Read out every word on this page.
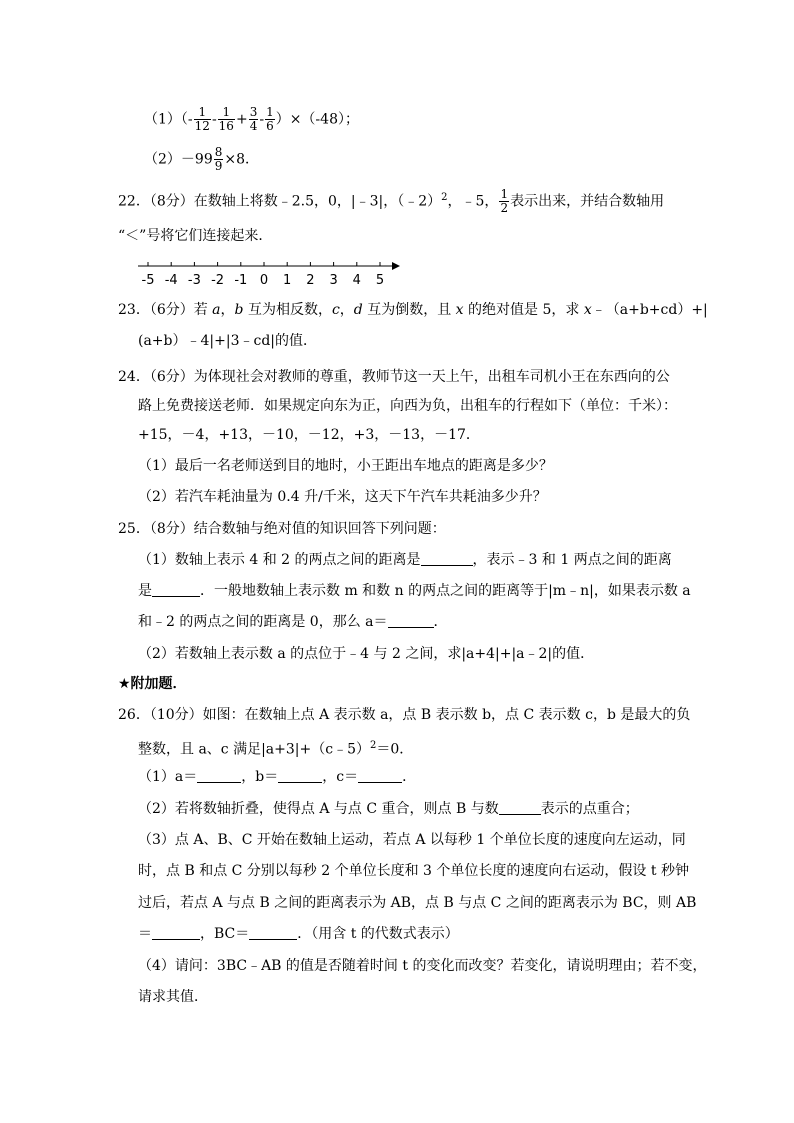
$(1)(- \frac{1}{12} - \frac{1}{16} + \frac{3}{4} - \frac{1}{6} )\times(-48)$；
$(2)-99 \frac{8}{9} \times 8$．
22．（8分）在数轴上将数﹣2.5，0，|﹣3|，（﹣2）$^2$，﹣5， $\frac{1}{2}$ 表示出来，并结合数轴用
“＜”号将它们连接起来．
-5 -4 -3 -2 -1 0 1 2 3 4 5
23．（6分）若 a，b 互为相反数，c，d 互为倒数，且 x 的绝对值是 5，求 x﹣（a+b+cd）+|
(a+b）﹣4|+|3﹣cd|的值．
24．（6分）为体现社会对教师的尊重，教师节这一天上午，出租车司机小王在东西向的公
路上免费接送老师．如果规定向东为正，向西为负，出租车的行程如下（单位：千米）：
+15，－4，+13，－10，－12，+3，－13，－17．
（1）最后一名老师送到目的地时，小王距出车地点的距离是多少？
（2）若汽车耗油量为 0.4 升/千米，这天下午汽车共耗油多少升？
25．（8分）结合数轴与绝对值的知识回答下列问题：
（1）数轴上表示 4 和 2 的两点之间的距离是	，表示﹣3 和 1 两点之间的距离
是	．一般地数轴上表示数 m 和数 n 的两点之间的距离等于|m﹣n|，如果表示数 a
和﹣2 的两点之间的距离是 0，那么 a＝	．
（2）若数轴上表示数 a 的点位于﹣4 与 2 之间，求|a+4|+|a﹣2|的值．
★附加题．
26．（10分）如图：在数轴上点 A 表示数 a，点 B 表示数 b，点 C 表示数 c，b 是最大的负
整数，且 a、c 满足|a+3|+（c﹣5）$^2$＝0．
（1）a＝	，b＝	，c＝	．
（2）若将数轴折叠，使得点 A 与点 C 重合，则点 B 与数	表示的点重合；
（3）点 A、B、C 开始在数轴上运动，若点 A 以每秒 1 个单位长度的速度向左运动，同
时，点 B 和点 C 分别以每秒 2 个单位长度和 3 个单位长度的速度向右运动，假设 t 秒钟
过后，若点 A 与点 B 之间的距离表示为 AB，点 B 与点 C 之间的距离表示为 BC，则 AB
＝	，BC＝	．（用含 t 的代数式表示）
（4）请问：3BC﹣AB 的值是否随着时间 t 的变化而改变？若变化，请说明理由；若不变，
请求其值．
